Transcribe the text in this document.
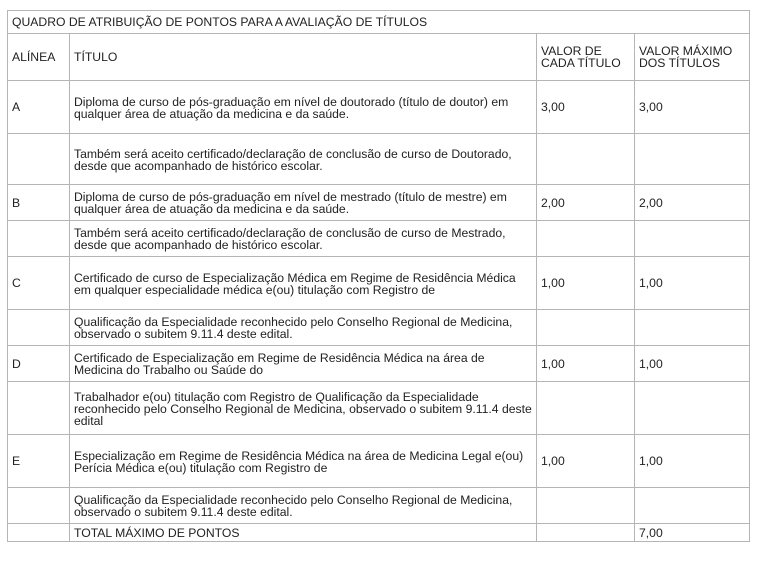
QUADRO DE ATRIBUIÇÃO DE PONTOS PARA A AVALIAÇÃO DE TÍTULOS			
ALÍNEA	TÍTULO	VALOR DE CADA TÍTULO	VALOR MÁXIMO DOS TÍTULOS
A	Diploma de curso de pós-graduação em nível de doutorado (título de doutor) em qualquer área de atuação da medicina e da saúde.	3,00	3,00
	Também será aceito certificado/declaração de conclusão de curso de Doutorado, desde que acompanhado de histórico escolar.		
B	Diploma de curso de pós-graduação em nível de mestrado (título de mestre) em qualquer área de atuação da medicina e da saúde.	2,00	2,00
	Também será aceito certificado/declaração de conclusão de curso de Mestrado, desde que acompanhado de histórico escolar.		
C	Certificado de curso de Especialização Médica em Regime de Residência Médica em qualquer especialidade médica e(ou) titulação com Registro de	1,00	1,00
	Qualificação da Especialidade reconhecido pelo Conselho Regional de Medicina, observado o subitem 9.11.4 deste edital.		
D	Certificado de Especialização em Regime de Residência Médica na área de Medicina do Trabalho ou Saúde do	1,00	1,00
	Trabalhador e(ou) titulação com Registro de Qualificação da Especialidade reconhecido pelo Conselho Regional de Medicina, observado o subitem 9.11.4 deste edital		
E	Especialização em Regime de Residência Médica na área de Medicina Legal e(ou) Perícia Médica e(ou) titulação com Registro de	1,00	1,00
	Qualificação da Especialidade reconhecido pelo Conselho Regional de Medicina, observado o subitem 9.11.4 deste edital.		
	TOTAL MÁXIMO DE PONTOS		7,00
